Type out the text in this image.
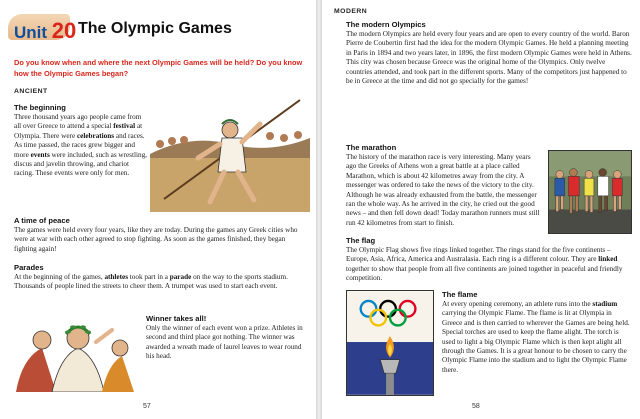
Unit 20 The Olympic Games
Do you know when and where the next Olympic Games will be held? Do you know how the Olympic Games began?
ANCIENT
The beginning
Three thousand years ago people came from all over Greece to attend a special festival at Olympia. There were celebrations and races. As time passed, the races grew bigger and more events were included, such as wrestling, discus and javelin throwing, and chariot racing. These events were only for men.
A time of peace
The games were held every four years, like they are today. During the games any Greek cities who were at war with each other agreed to stop fighting. As soon as the games finished, they began fighting again!
Parades
At the beginning of the games, athletes took part in a parade on the way to the sports stadium. Thousands of people lined the streets to cheer them. A trumpet was used to start each event.
Winner takes all!
Only the winner of each event won a prize. Athletes in second and third place got nothing. The winner was awarded a wreath made of laurel leaves to wear round his head.
57
MODERN
The modern Olympics
The modern Olympics are held every four years and are open to every country of the world. Baron Pierre de Coubertin first had the idea for the modern Olympic Games. He held a planning meeting in Paris in 1894 and two years later, in 1896, the first modern Olympic Games were held in Athens. This city was chosen because Greece was the original home of the Olympics. Only twelve countries attended, and took part in the different sports. Many of the competitors just happened to be in Greece at the time and did not go specially for the games!
The marathon
The history of the marathon race is very interesting. Many years ago the Greeks of Athens won a great battle at a place called Marathon, which is about 42 kilometres away from the city. A messenger was ordered to take the news of the victory to the city. Although he was already exhausted from the battle, the messenger ran the whole way. As he arrived in the city, he cried out the good news – and then fell down dead! Today marathon runners must still run 42 kilometres from start to finish.
The flag
The Olympic Flag shows five rings linked together. The rings stand for the five continents – Europe, Asia, Africa, America and Australasia. Each ring is a different colour. They are linked together to show that people from all five continents are joined together in peaceful and friendly competition.
The flame
At every opening ceremony, an athlete runs into the stadium carrying the Olympic Flame. The flame is lit at Olympia in Greece and is then carried to wherever the Games are being held. Special torches are used to keep the flame alight. The torch is used to light a big Olympic Flame which is then kept alight all through the Games. It is a great honour to be chosen to carry the Olympic Flame into the stadium and to light the Olympic Flame there.
58
